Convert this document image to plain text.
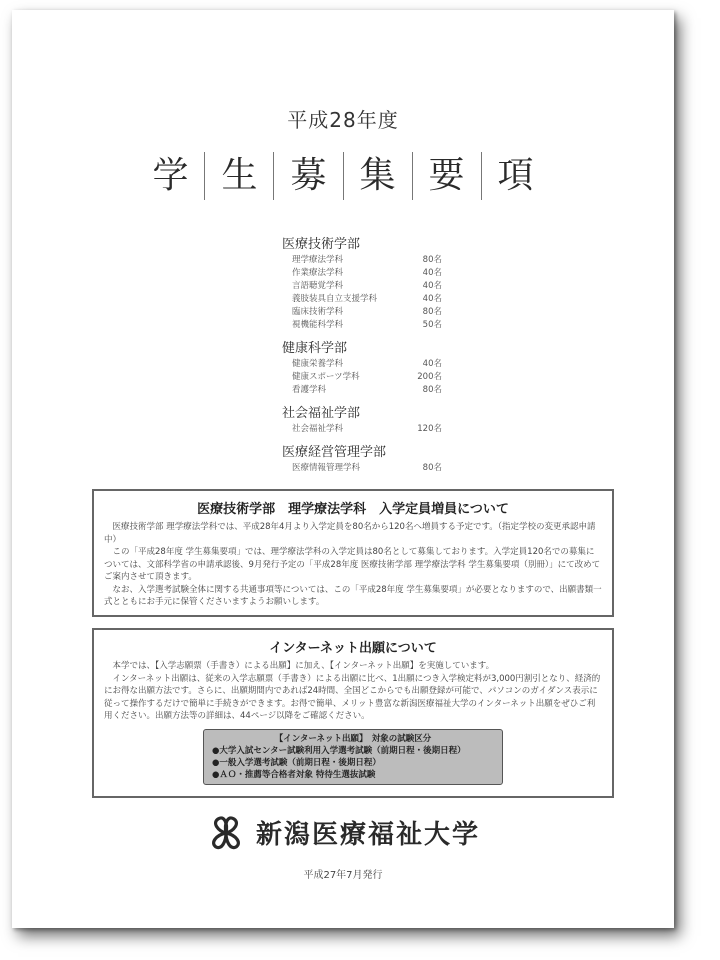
平成28年度
学 生 募 集 要 項
医療技術学部
理学療法学科	80名
作業療法学科	40名
言語聴覚学科	40名
義肢装具自立支援学科	40名
臨床技術学科	80名
視機能科学科	50名
健康科学部
健康栄養学科	40名
健康スポーツ学科	200名
看護学科	80名
社会福祉学部
社会福祉学科	120名
医療経営管理学部
医療情報管理学科	80名
医療技術学部　理学療法学科　入学定員増員について

医療技術学部 理学療法学科では、平成28年4月より入学定員を80名から120名へ増員する予定です。（指定学校の変更承認申請中）

この「平成28年度 学生募集要項」では、理学療法学科の入学定員は80名として募集しております。入学定員120名での募集については、文部科学省の申請承認後、9月発行予定の「平成28年度 医療技術学部 理学療法学科 学生募集要項（別冊）」にて改めてご案内させて頂きます。

なお、入学選考試験全体に関する共通事項等については、この「平成28年度 学生募集要項」が必要となりますので、出願書類一式とともにお手元に保管くださいますようお願いします。

インターネット出願について

本学では、【入学志願票（手書き）による出願】に加え、【インターネット出願】を実施しています。

インターネット出願は、従来の入学志願票（手書き）による出願に比べ、1出願につき入学検定料が3,000円割引となり、経済的にお得な出願方法です。さらに、出願期間内であれば24時間、全国どこからでも出願登録が可能で、パソコンのガイダンス表示に従って操作するだけで簡単に手続きができます。お得で簡単、メリット豊富な新潟医療福祉大学のインターネット出願をぜひご利用ください。出願方法等の詳細は、44ページ以降をご確認ください。

【インターネット出願】　対象の試験区分
●大学入試センター試験利用入学選考試験（前期日程・後期日程）
●一般入学選考試験（前期日程・後期日程）
●ＡＯ・推薦等合格者対象 特待生選抜試験
新潟医療福祉大学
平成27年7月発行
